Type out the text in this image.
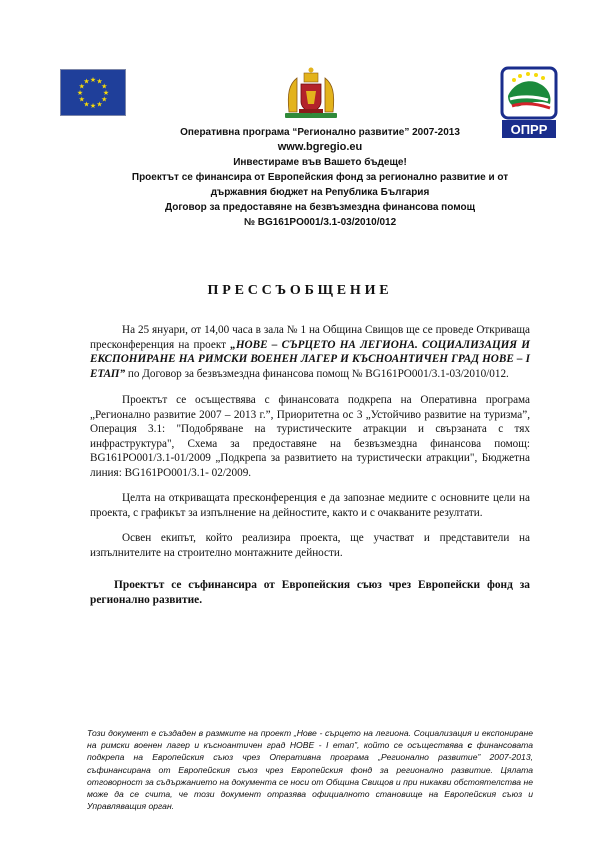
★ ★
★
★
★
★
★
★
★
★
★
★
ОПРР
Оперативна програма “Регионално развитие” 2007-2013
www.bgregio.eu
Инвестираме във Вашето бъдеще!
Проектът се финансира от Европейския фонд за регионално развитие и от
държавния бюджет на Република България
Договор за предоставяне на безвъзмездна финансова помощ
№ BG161PO001/3.1-03/2010/012
ПРЕССЪОБЩЕНИЕ

На 25 януари, от 14,00 часа в зала № 1 на Община Свищов ще се проведе Откриваща пресконференция на проект „НОВЕ – СЪРЦЕТО НА ЛЕГИОНА. СОЦИАЛИЗАЦИЯ И ЕКСПОНИРАНЕ НА РИМСКИ ВОЕНЕН ЛАГЕР И КЪСНОАНТИЧЕН ГРАД НОВЕ – I ЕТАП” по Договор за безвъзмездна финансова помощ № BG161PO001/3.1-03/2010/012.

Проектът се осъществява с финансовата подкрепа на Оперативна програма „Регионално развитие 2007 – 2013 г.”, Приоритетна ос 3 „Устойчиво развитие на туризма”, Операция 3.1: "Подобряване на туристическите атракции и свързаната с тях инфраструктура", Схема за предоставяне на безвъзмездна финансова помощ: BG161PO001/3.1-01/2009 „Подкрепа за развитието на туристически атракции", Бюджетна линия: BG161PO001/3.1- 02/2009.

Целта на откриващата пресконференция е да запознае медиите с основните цели на проекта, с графикът за изпълнение на дейностите, както и с очакваните резултати.

Освен екипът, който реализира проекта, ще участват и представители на изпълнителите на строително монтажните дейности.

Проектът се съфинансира от Европейския съюз чрез Европейски фонд за регионално развитие.

Този документ е създаден в размките на проект „Нове - сърцето на легиона. Социализация и експониране на римски военен лагер и къснoантичен град НОВЕ - I етап”, който се осъществява с финансовата подкрепа на Европейския съюз чрез Оперативна програма „Регионално развитие” 2007-2013, съфинансирана от Европейския съюз чрез Европейския фонд за регионално развитие. Цялата отговорност за съдържанието на документа се носи от Община Свищов и при никакви обстоятелства не може да се счита, че този документ отразява официалното становище на Европейския съюз и Управляващия орган.
